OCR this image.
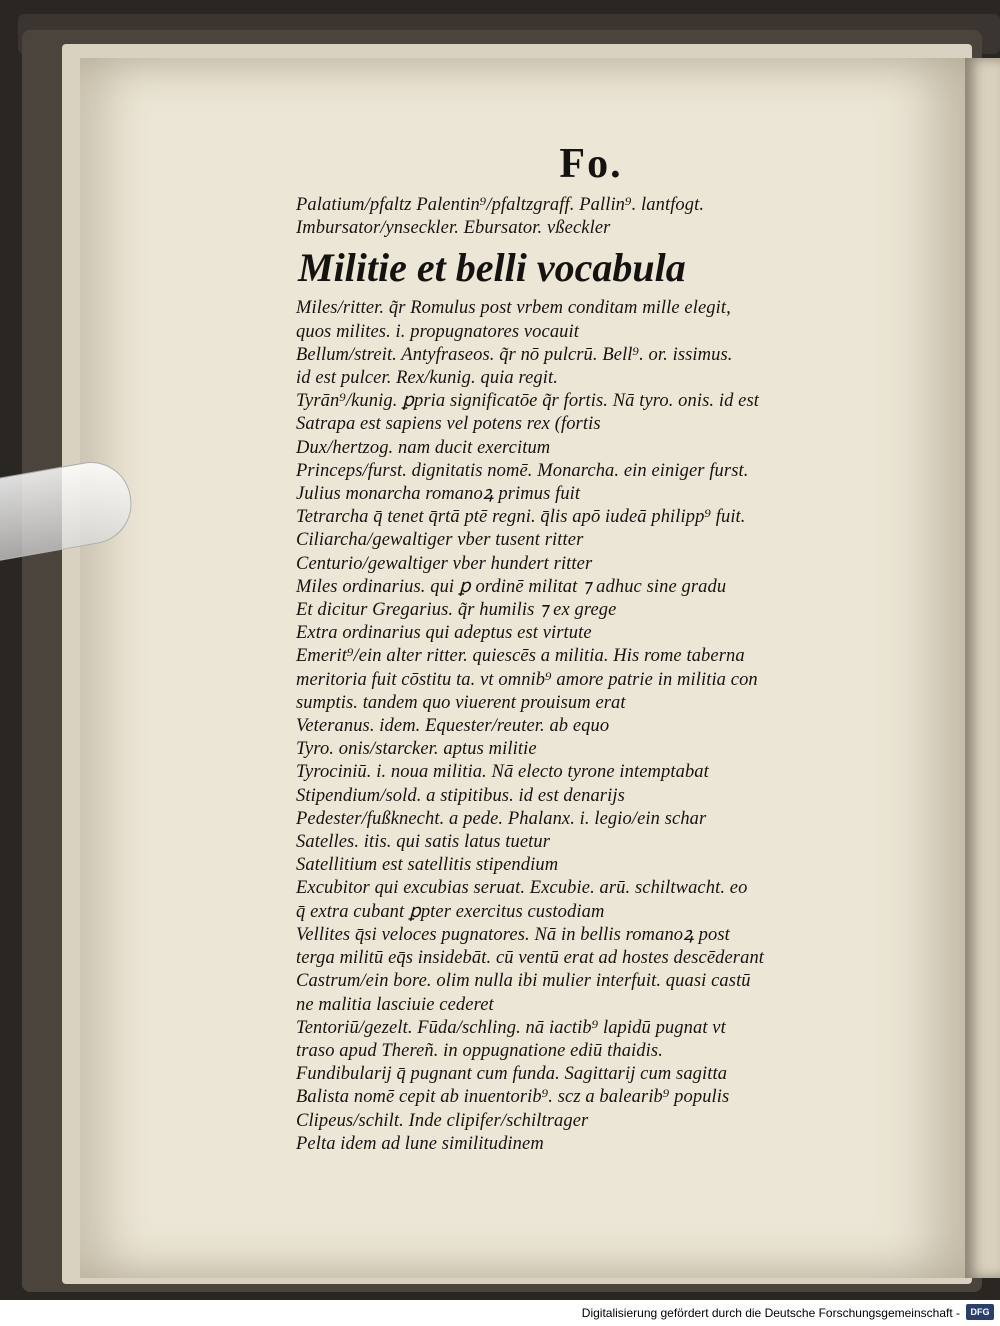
Fo.
Palatium/pfaltz Palentin⁹/pfaltzgraff. Pallin⁹. lantfogt.
Imbursator/ynseckler. Ebursator. vßeckler
Militie et belli vocabula
Miles/ritter. q̃r Romulus post vrbem conditam mille elegit,
quos milites. i. propugnatores vocauit
Bellum/streit. Antyfraseos. q̃r nō pulcrū. Bell⁹. or. issimus.
id est pulcer. Rex/kunig. quia regit.
Tyrān⁹/kunig. ꝑpria significatōe q̃r fortis. Nā tyro. onis. id est
Satrapa est sapiens vel potens rex (fortis
Dux/hertzog. nam ducit exercitum
Princeps/furst. dignitatis nomē. Monarcha. ein einiger furst.
Julius monarcha romanoꝝ primus fuit
Tetrarcha q̄ tenet q̄rtā ptē regni. q̄lis apō iudeā philipp⁹ fuit.
Ciliarcha/gewaltiger vber tusent ritter
Centurio/gewaltiger vber hundert ritter
Miles ordinarius. qui ꝑ ordinē militat ⁊ adhuc sine gradu
Et dicitur Gregarius. q̃r humilis ⁊ ex grege
Extra ordinarius qui adeptus est virtute
Emerit⁹/ein alter ritter. quiescēs a militia. His rome taberna
meritoria fuit cōstitu ta. vt omnib⁹ amore patrie in militia con
sumptis. tandem quo viuerent prouisum erat
Veteranus. idem. Equester/reuter. ab equo
Tyro. onis/starcker. aptus militie
Tyrociniū. i. noua militia. Nā electo tyrone intemptabat
Stipendium/sold. a stipitibus. id est denarijs
Pedester/fußknecht. a pede. Phalanx. i. legio/ein schar
Satelles. itis. qui satis latus tuetur
Satellitium est satellitis stipendium
Excubitor qui excubias seruat. Excubie. arū. schiltwacht. eo
q̄ extra cubant ꝑpter exercitus custodiam
Vellites q̄si veloces pugnatores. Nā in bellis romanoꝝ post
terga militū eq̄s insidebāt. cū ventū erat ad hostes descēderant
Castrum/ein bore. olim nulla ibi mulier interfuit. quasi castū
ne malitia lasciuie cederet
Tentoriū/gezelt. Fūda/schling. nā iactib⁹ lapidū pugnat vt
traso apud Thereñ. in oppugnatione ediū thaidis.
Fundibularij q̄ pugnant cum funda. Sagittarij cum sagitta
Balista nomē cepit ab inuentorib⁹. scz a balearib⁹ populis
Clipeus/schilt. Inde clipifer/schiltrager
Pelta idem ad lune similitudinem
Digitalisierung gefördert durch die Deutsche Forschungsgemeinschaft -	DFG
